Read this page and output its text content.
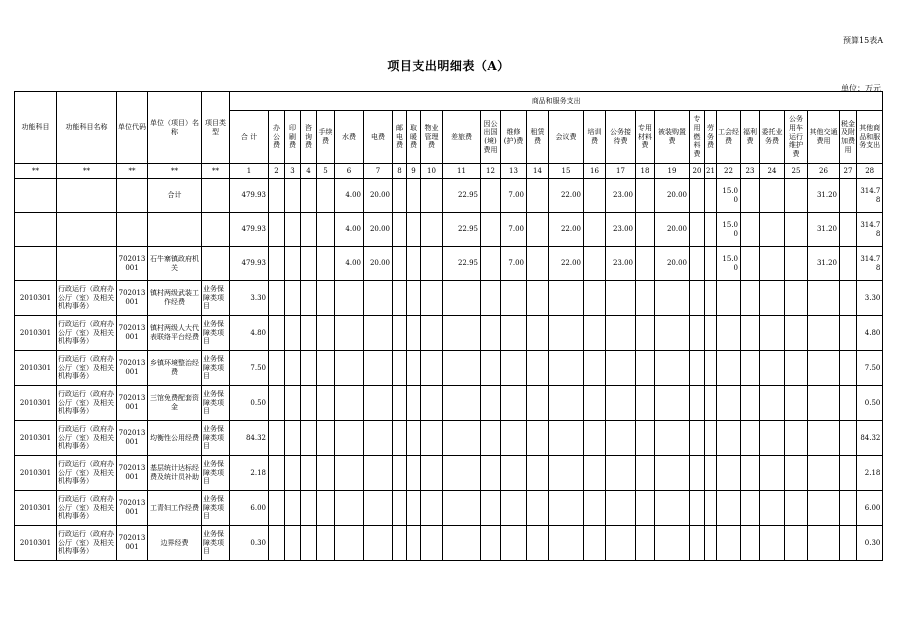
预算15表A
项目支出明细表（A）
单位：万元
功能科目	功能科目名称	单位代码	单位（项目）名称	项目类型	商品和服务支出																											
					合 计	办公费	印刷费	咨询费	手续费	水费	电费	邮电费	取暖费	物业管理费	差旅费	因公出国(境)费用	维修(护)费	租赁费	会议费	培训费	公务接待费	专用材料费	被装购置费	专用燃料费	劳务费	工会经费	福利费	委托业务费	公务用车运行维护费	其他交通费用	税金及附加费用	其他商品和服务支出
**	**	**	**	**	1	2	3	4	5	6	7	8	9	10	11	12	13	14	15	16	17	18	19	20	21	22	23	24	25	26	27	28
			合计		479.93					4.00	20.00				22.95		7.00		22.00		23.00		20.00			15.00				31.20		314.78
					479.93					4.00	20.00				22.95		7.00		22.00		23.00		20.00			15.00				31.20		314.78
		702013001	石牛寨镇政府机关		479.93					4.00	20.00				22.95		7.00		22.00		23.00		20.00			15.00				31.20		314.78
2010301	行政运行（政府办公厅（室）及相关机构事务）	702013001	镇村两级武装工作经费	业务保障类项目	3.30																											3.30
2010301	行政运行（政府办公厅（室）及相关机构事务）	702013001	镇村两级人大代表联络平台经费	业务保障类项目	4.80																											4.80
2010301	行政运行（政府办公厅（室）及相关机构事务）	702013001	乡镇环境整治经费	业务保障类项目	7.50																											7.50
2010301	行政运行（政府办公厅（室）及相关机构事务）	702013001	三馆免费配套资金	业务保障类项目	0.50																											0.50
2010301	行政运行（政府办公厅（室）及相关机构事务）	702013001	均衡性公用经费	业务保障类项目	84.32																											84.32
2010301	行政运行（政府办公厅（室）及相关机构事务）	702013001	基层统计达标经费及统计员补助	业务保障类项目	2.18																											2.18
2010301	行政运行（政府办公厅（室）及相关机构事务）	702013001	工青妇工作经费	业务保障类项目	6.00																											6.00
2010301	行政运行（政府办公厅（室）及相关机构事务）	702013001	边界经费	业务保障类项目	0.30																											0.30
